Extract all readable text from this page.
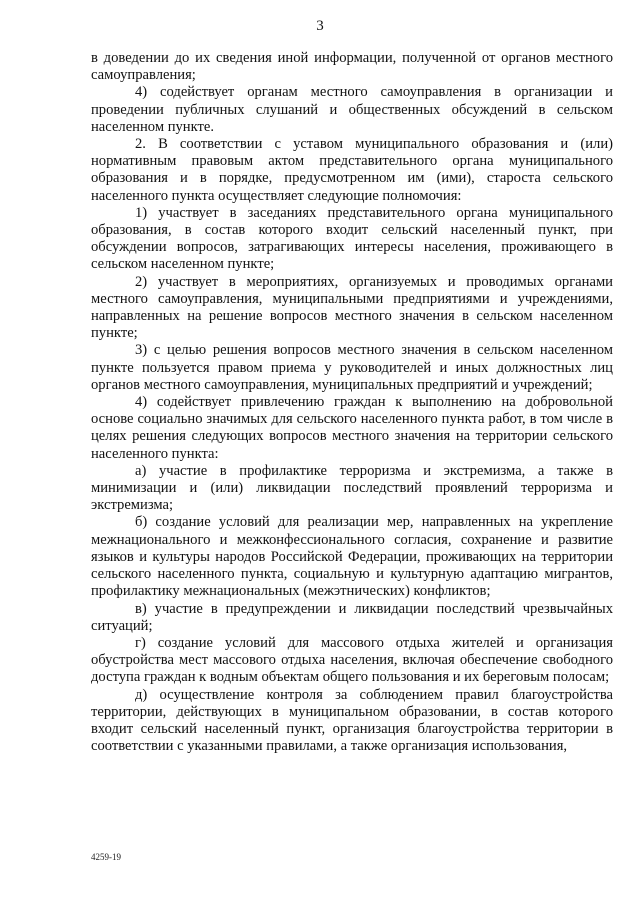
3

в доведении до их сведения иной информации, полученной от органов местного самоуправления;

4) содействует органам местного самоуправления в организации и проведении публичных слушаний и общественных обсуждений в сельском населенном пункте.

2. В соответствии с уставом муниципального образования и (или) нормативным правовым актом представительного органа муниципального образования и в порядке, предусмотренном им (ими), староста сельского населенного пункта осуществляет следующие полномочия:

1) участвует в заседаниях представительного органа муниципального образования, в состав которого входит сельский населенный пункт, при обсуждении вопросов, затрагивающих интересы населения, проживающего в сельском населенном пункте;

2) участвует в мероприятиях, организуемых и проводимых органами местного самоуправления, муниципальными предприятиями и учреждениями, направленных на решение вопросов местного значения в сельском населенном пункте;

3) с целью решения вопросов местного значения в сельском населенном пункте пользуется правом приема у руководителей и иных должностных лиц органов местного самоуправления, муниципальных предприятий и учреждений;

4) содействует привлечению граждан к выполнению на добровольной основе социально значимых для сельского населенного пункта работ, в том числе в целях решения следующих вопросов местного значения на территории сельского населенного пункта:

а) участие в профилактике терроризма и экстремизма, а также в минимизации и (или) ликвидации последствий проявлений терроризма и экстремизма;

б) создание условий для реализации мер, направленных на укрепление межнационального и межконфессионального согласия, сохранение и развитие языков и культуры народов Российской Федерации, проживающих на территории сельского населенного пункта, социальную и культурную адаптацию мигрантов, профилактику межнациональных (межэтнических) конфликтов;

в) участие в предупреждении и ликвидации последствий чрезвычайных ситуаций;

г) создание условий для массового отдыха жителей и организация обустройства мест массового отдыха населения, включая обеспечение свободного доступа граждан к водным объектам общего пользования и их береговым полосам;

д) осуществление контроля за соблюдением правил благоустройства территории, действующих в муниципальном образовании, в состав которого входит сельский населенный пункт, организация благоустройства территории в соответствии с указанными правилами, а также организация использования,

4259-19
